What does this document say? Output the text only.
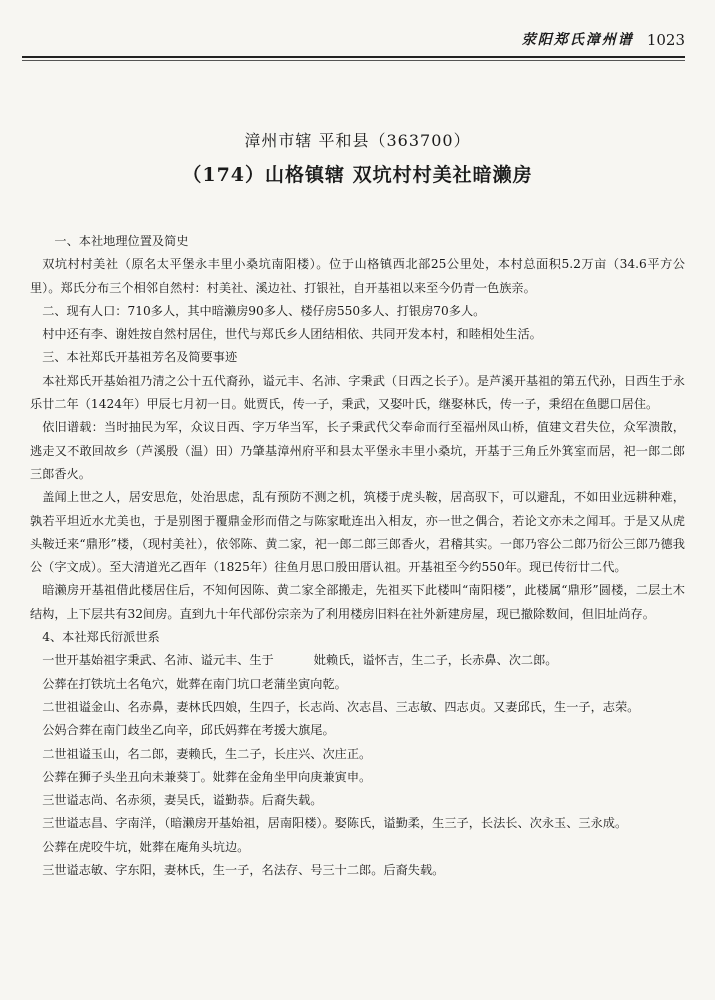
荥阳郑氏漳州谱 1023
漳州市辖 平和县（363700）
（174）山格镇辖 双坑村村美社暗濑房

一、本社地理位置及简史

双坑村村美社（原名太平堡永丰里小桑坑南阳楼）。位于山格镇西北部25公里处，本村总面积5.2万亩（34.6平方公里）。郑氏分布三个相邻自然村：村美社、溪边社、打银社，自开基祖以来至今仍青一色族亲。

二、现有人口：710多人，其中暗濑房90多人、楼仔房550多人、打银房70多人。

村中还有李、谢姓按自然村居住，世代与郑氏乡人团结相依、共同开发本村，和睦相处生活。

三、本社郑氏开基祖芳名及简要事迹

本社郑氏开基始祖乃清之公十五代裔孙，谥元丰、名沛、字秉武（日西之长子）。是芦溪开基祖的第五代孙，日西生于永乐廿二年（1424年）甲辰七月初一日。妣贾氏，传一子，秉武，又娶叶氏，继娶林氏，传一子，秉绍在鱼腮口居住。

依旧谱载：当时抽民为军，众议日西、字万华当军，长子秉武代父奉命而行至福州凤山桥，值建文君失位，众军溃散，逃走又不敢回故乡（芦溪殷（温）田）乃肇基漳州府平和县太平堡永丰里小桑坑，开基于三角丘外箕室而居，祀一郎二郎三郎香火。

盖闻上世之人，居安思危，处治思虑，乱有预防不测之机，筑楼于虎头鞍，居高驭下，可以避乱，不如田业远耕种难，孰若平坦近水尤美也，于是别图于覆鼎金形而借之与陈家毗连出入相友，亦一世之偶合，若论文亦未之闻耳。于是又从虎头鞍迁来“鼎形”楼，（现村美社），依邻陈、黄二家，祀一郎二郎三郎香火，君稽其实。一郎乃容公二郎乃衍公三郎乃德我公（字文成）。至大清道光乙酉年（1825年）往鱼月思口殷田厝认祖。开基祖至今约550年。现已传衍廿二代。

暗濑房开基祖借此楼居住后，不知何因陈、黄二家全部搬走，先祖买下此楼叫“南阳楼”，此楼属“鼎形”圆楼，二层土木结构，上下层共有32间房。直到九十年代部份宗亲为了利用楼房旧料在社外新建房屋，现已撤除数间，但旧址尚存。

4、本社郑氏衍派世系

一世开基始祖字秉武、名沛、谥元丰、生于	妣赖氏，谥怀吉，生二子，长赤鼻、次二郎。

公葬在打铁坑土名龟穴，妣葬在南门坑口老蒲坐寅向乾。

二世祖谥金山、名赤鼻，妻林氏四娘，生四子，长志尚、次志昌、三志敏、四志贞。又妻邱氏，生一子，志荣。

公妈合葬在南门歧坐乙向辛，邱氏妈葬在考援大旗尾。

二世祖谥玉山，名二郎，妻赖氏，生二子，长庄兴、次庄正。

公葬在狮子头坐丑向未兼葵丁。妣葬在金角坐甲向庚兼寅申。

三世谥志尚、名赤须，妻吴氏，谥勤恭。后裔失载。

三世谥志昌、字南洋，（暗濑房开基始祖，居南阳楼）。娶陈氏，谥勤柔，生三子，长法长、次永玉、三永成。

公葬在虎咬牛坑，妣葬在庵角头坑边。

三世谥志敏、字东阳，妻林氏，生一子，名法存、号三十二郎。后裔失载。
